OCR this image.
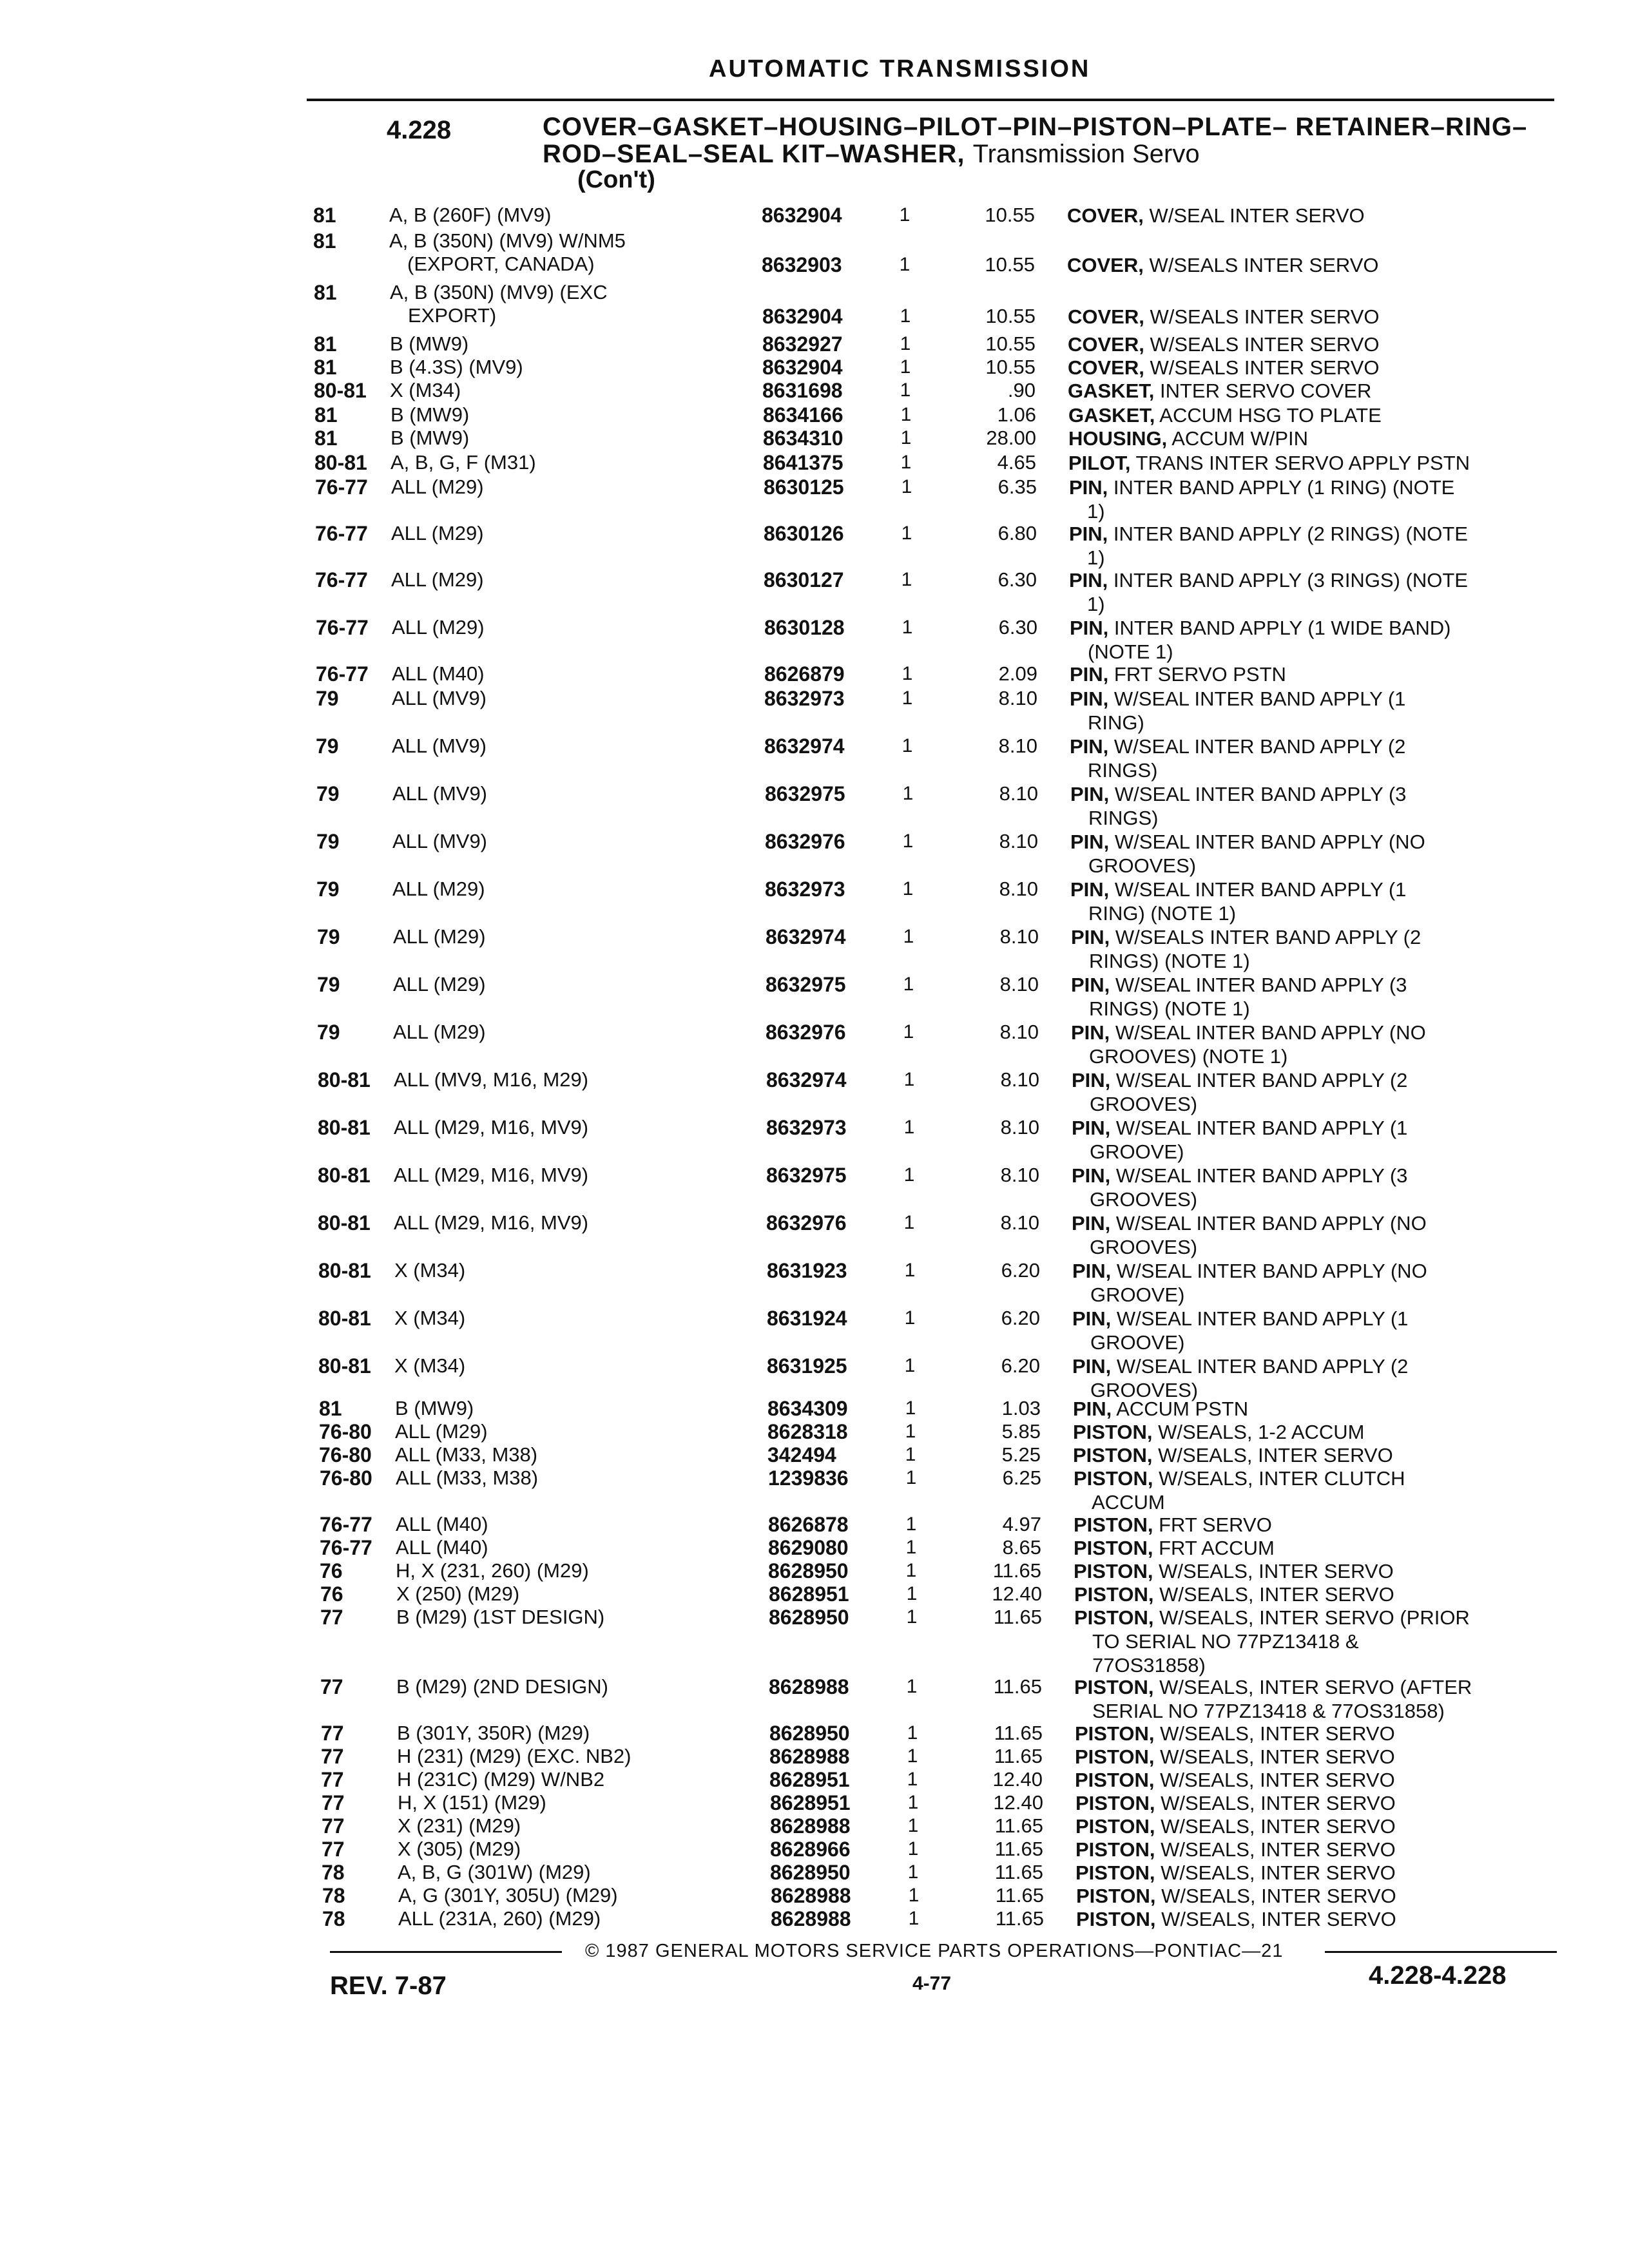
AUTOMATIC TRANSMISSION
4.228	COVER–GASKET–HOUSING–PILOT–PIN–PISTON–PLATE– RETAINER–RING–ROD–SEAL–SEAL KIT–WASHER, Transmission Servo
(Con't)
81	A, B (260F) (MV9)	8632904	1	10.55 COVER, W/SEAL INTER SERVO
81	A, B (350N) (MV9) W/NM5
(EXPORT, CANADA)	8632903	1	10.55 COVER, W/SEALS INTER SERVO
81	A, B (350N) (MV9) (EXC
EXPORT)	8632904	1	10.55 COVER, W/SEALS INTER SERVO
81	B (MW9)	8632927	1	10.55 COVER, W/SEALS INTER SERVO
81	B (4.3S) (MV9)	8632904	1	10.55 COVER, W/SEALS INTER SERVO
80-81 X (M34)	8631698	1	.90 GASKET, INTER SERVO COVER
81	B (MW9)	8634166	1	1.06 GASKET, ACCUM HSG TO PLATE
81	B (MW9)	8634310	1	28.00 HOUSING, ACCUM W/PIN
80-81 A, B, G, F (M31)	8641375	1	4.65 PILOT, TRANS INTER SERVO APPLY PSTN
76-77 ALL (M29)	8630125	1	6.35 PIN, INTER BAND APPLY (1 RING) (NOTE
1)
76-77 ALL (M29)	8630126	1	6.80 PIN, INTER BAND APPLY (2 RINGS) (NOTE
1)
76-77 ALL (M29)	8630127	1	6.30 PIN, INTER BAND APPLY (3 RINGS) (NOTE
1)
76-77 ALL (M29)	8630128	1	6.30 PIN, INTER BAND APPLY (1 WIDE BAND)
(NOTE 1)
76-77 ALL (M40)	8626879	1	2.09 PIN, FRT SERVO PSTN
79	ALL (MV9)	8632973	1	8.10 PIN, W/SEAL INTER BAND APPLY (1
RING)
79	ALL (MV9)	8632974	1	8.10 PIN, W/SEAL INTER BAND APPLY (2
RINGS)
79	ALL (MV9)	8632975	1	8.10 PIN, W/SEAL INTER BAND APPLY (3
RINGS)
79	ALL (MV9)	8632976	1	8.10 PIN, W/SEAL INTER BAND APPLY (NO
GROOVES)
79	ALL (M29)	8632973	1	8.10 PIN, W/SEAL INTER BAND APPLY (1
RING) (NOTE 1)
79	ALL (M29)	8632974	1	8.10 PIN, W/SEALS INTER BAND APPLY (2
RINGS) (NOTE 1)
79	ALL (M29)	8632975	1	8.10 PIN, W/SEAL INTER BAND APPLY (3
RINGS) (NOTE 1)
79	ALL (M29)	8632976	1	8.10 PIN, W/SEAL INTER BAND APPLY (NO
GROOVES) (NOTE 1)
80-81 ALL (MV9, M16, M29)	8632974	1	8.10 PIN, W/SEAL INTER BAND APPLY (2
GROOVES)
80-81 ALL (M29, M16, MV9)	8632973	1	8.10 PIN, W/SEAL INTER BAND APPLY (1
GROOVE)
80-81 ALL (M29, M16, MV9)	8632975	1	8.10 PIN, W/SEAL INTER BAND APPLY (3
GROOVES)
80-81 ALL (M29, M16, MV9)	8632976	1	8.10 PIN, W/SEAL INTER BAND APPLY (NO
GROOVES)
80-81 X (M34)	8631923	1	6.20 PIN, W/SEAL INTER BAND APPLY (NO
GROOVE)
80-81 X (M34)	8631924	1	6.20 PIN, W/SEAL INTER BAND APPLY (1
GROOVE)
80-81 X (M34)	8631925	1	6.20 PIN, W/SEAL INTER BAND APPLY (2
GROOVES)
81	B (MW9)	8634309	1	1.03 PIN, ACCUM PSTN
76-80 ALL (M29)	8628318	1	5.85 PISTON, W/SEALS, 1-2 ACCUM
76-80 ALL (M33, M38)	342494	1	5.25 PISTON, W/SEALS, INTER SERVO
76-80 ALL (M33, M38)	1239836	1	6.25 PISTON, W/SEALS, INTER CLUTCH
ACCUM
76-77 ALL (M40)	8626878	1	4.97 PISTON, FRT SERVO
76-77 ALL (M40)	8629080	1	8.65 PISTON, FRT ACCUM
76	H, X (231, 260) (M29)	8628950	1	11.65 PISTON, W/SEALS, INTER SERVO
76	X (250) (M29)	8628951	1	12.40 PISTON, W/SEALS, INTER SERVO
77	B (M29) (1ST DESIGN)	8628950	1	11.65 PISTON, W/SEALS, INTER SERVO (PRIOR
TO SERIAL NO 77PZ13418 &
77OS31858)
77	B (M29) (2ND DESIGN)	8628988	1	11.65 PISTON, W/SEALS, INTER SERVO (AFTER
SERIAL NO 77PZ13418 & 77OS31858)
77	B (301Y, 350R) (M29)	8628950	1	11.65 PISTON, W/SEALS, INTER SERVO
77	H (231) (M29) (EXC. NB2)	8628988	1	11.65 PISTON, W/SEALS, INTER SERVO
77	H (231C) (M29) W/NB2	8628951	1	12.40 PISTON, W/SEALS, INTER SERVO
77	H, X (151) (M29)	8628951	1	12.40 PISTON, W/SEALS, INTER SERVO
77	X (231) (M29)	8628988	1	11.65 PISTON, W/SEALS, INTER SERVO
77	X (305) (M29)	8628966	1	11.65 PISTON, W/SEALS, INTER SERVO
78	A, B, G (301W) (M29)	8628950	1	11.65 PISTON, W/SEALS, INTER SERVO
78	A, G (301Y, 305U) (M29)	8628988	1	11.65 PISTON, W/SEALS, INTER SERVO
78	ALL (231A, 260) (M29)	8628988	1	11.65 PISTON, W/SEALS, INTER SERVO
© 1987 GENERAL MOTORS SERVICE PARTS OPERATIONS—PONTIAC—21
REV. 7-87	4-77	4.228-4.228
